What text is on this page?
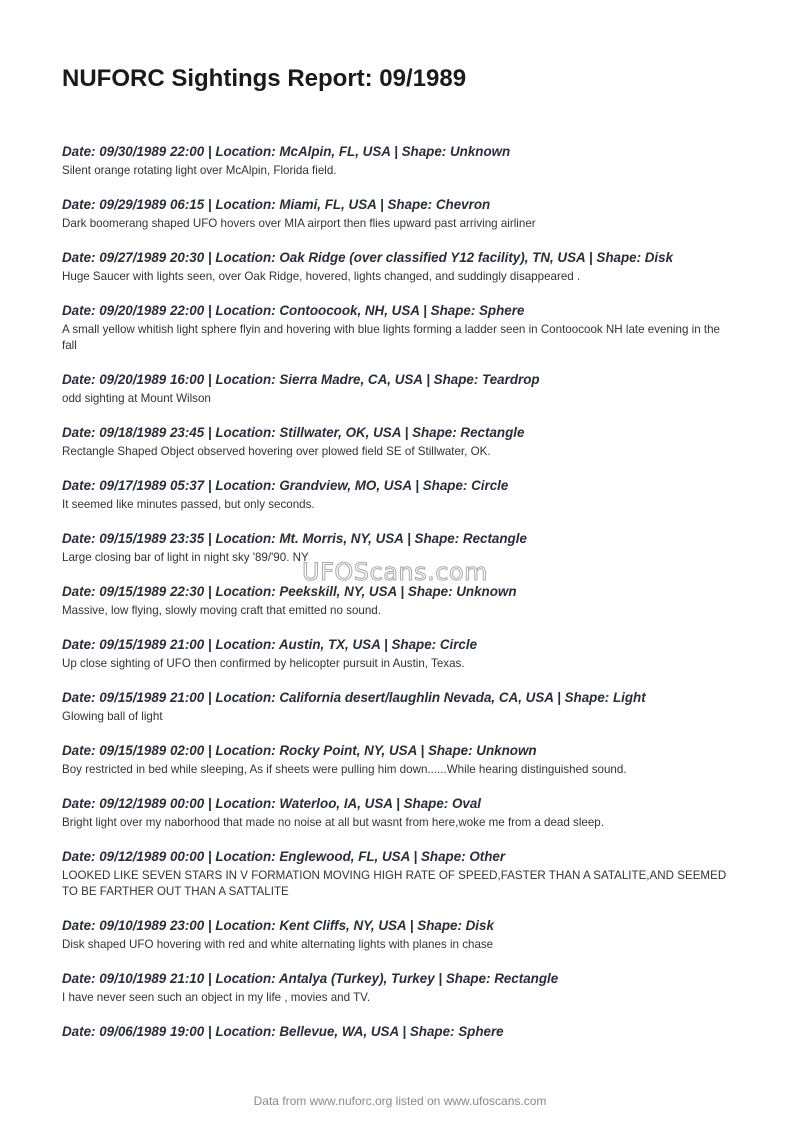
NUFORC Sightings Report: 09/1989
Date: 09/30/1989 22:00 | Location: McAlpin, FL, USA | Shape: Unknown
Silent orange rotating light over McAlpin, Florida field.
Date: 09/29/1989 06:15 | Location: Miami, FL, USA | Shape: Chevron
Dark boomerang shaped UFO hovers over MIA airport then flies upward past arriving airliner
Date: 09/27/1989 20:30 | Location: Oak Ridge (over classified Y12 facility), TN, USA | Shape: Disk
Huge Saucer with lights seen, over Oak Ridge, hovered, lights changed, and suddingly disappeared .
Date: 09/20/1989 22:00 | Location: Contoocook, NH, USA | Shape: Sphere
A small yellow whitish light sphere flyin and hovering with blue lights forming a ladder seen in Contoocook NH late evening in the fall
Date: 09/20/1989 16:00 | Location: Sierra Madre, CA, USA | Shape: Teardrop
odd sighting at Mount Wilson
Date: 09/18/1989 23:45 | Location: Stillwater, OK, USA | Shape: Rectangle
Rectangle Shaped Object observed hovering over plowed field SE of Stillwater, OK.
Date: 09/17/1989 05:37 | Location: Grandview, MO, USA | Shape: Circle
It seemed like minutes passed, but only seconds.
Date: 09/15/1989 23:35 | Location: Mt. Morris, NY, USA | Shape: Rectangle
Large closing bar of light in night sky '89/'90. NY
Date: 09/15/1989 22:30 | Location: Peekskill, NY, USA | Shape: Unknown
Massive, low flying, slowly moving craft that emitted no sound.
Date: 09/15/1989 21:00 | Location: Austin, TX, USA | Shape: Circle
Up close sighting of UFO then confirmed by helicopter pursuit in Austin, Texas.
Date: 09/15/1989 21:00 | Location: California desert/laughlin Nevada, CA, USA | Shape: Light
Glowing ball of light
Date: 09/15/1989 02:00 | Location: Rocky Point, NY, USA | Shape: Unknown
Boy restricted in bed while sleeping, As if sheets were pulling him down......While hearing distinguished sound.
Date: 09/12/1989 00:00 | Location: Waterloo, IA, USA | Shape: Oval
Bright light over my naborhood that made no noise at all but wasnt from here,woke me from a dead sleep.
Date: 09/12/1989 00:00 | Location: Englewood, FL, USA | Shape: Other
LOOKED LIKE SEVEN STARS IN V FORMATION MOVING HIGH RATE OF SPEED,FASTER THAN A SATALITE,AND SEEMED TO BE FARTHER OUT THAN A SATTALITE
Date: 09/10/1989 23:00 | Location: Kent Cliffs, NY, USA | Shape: Disk
Disk shaped UFO hovering with red and white alternating lights with planes in chase
Date: 09/10/1989 21:10 | Location: Antalya (Turkey), Turkey | Shape: Rectangle
I have never seen such an object in my life , movies and TV.
Date: 09/06/1989 19:00 | Location: Bellevue, WA, USA | Shape: Sphere
UFOScans.com
Data from www.nuforc.org listed on www.ufoscans.com
